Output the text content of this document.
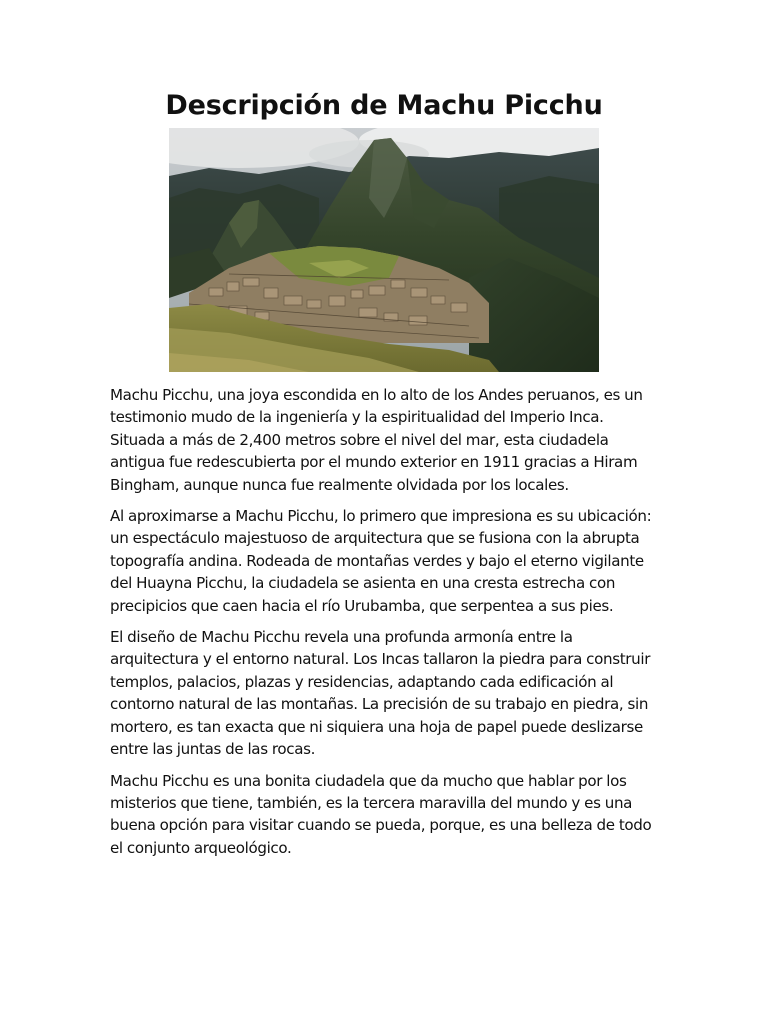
Descripción de Machu Picchu

Machu Picchu, una joya escondida en lo alto de los Andes peruanos, es un testimonio mudo de la ingeniería y la espiritualidad del Imperio Inca. Situada a más de 2,400 metros sobre el nivel del mar, esta ciudadela antigua fue redescubierta por el mundo exterior en 1911 gracias a Hiram Bingham, aunque nunca fue realmente olvidada por los locales.

Al aproximarse a Machu Picchu, lo primero que impresiona es su ubicación: un espectáculo majestuoso de arquitectura que se fusiona con la abrupta topografía andina. Rodeada de montañas verdes y bajo el eterno vigilante del Huayna Picchu, la ciudadela se asienta en una cresta estrecha con precipicios que caen hacia el río Urubamba, que serpentea a sus pies.

El diseño de Machu Picchu revela una profunda armonía entre la arquitectura y el entorno natural. Los Incas tallaron la piedra para construir templos, palacios, plazas y residencias, adaptando cada edificación al contorno natural de las montañas. La precisión de su trabajo en piedra, sin mortero, es tan exacta que ni siquiera una hoja de papel puede deslizarse entre las juntas de las rocas.

Machu Picchu es una bonita ciudadela que da mucho que hablar por los misterios que tiene, también, es la tercera maravilla del mundo y es una buena opción para visitar cuando se pueda, porque, es una belleza de todo el conjunto arqueológico.
